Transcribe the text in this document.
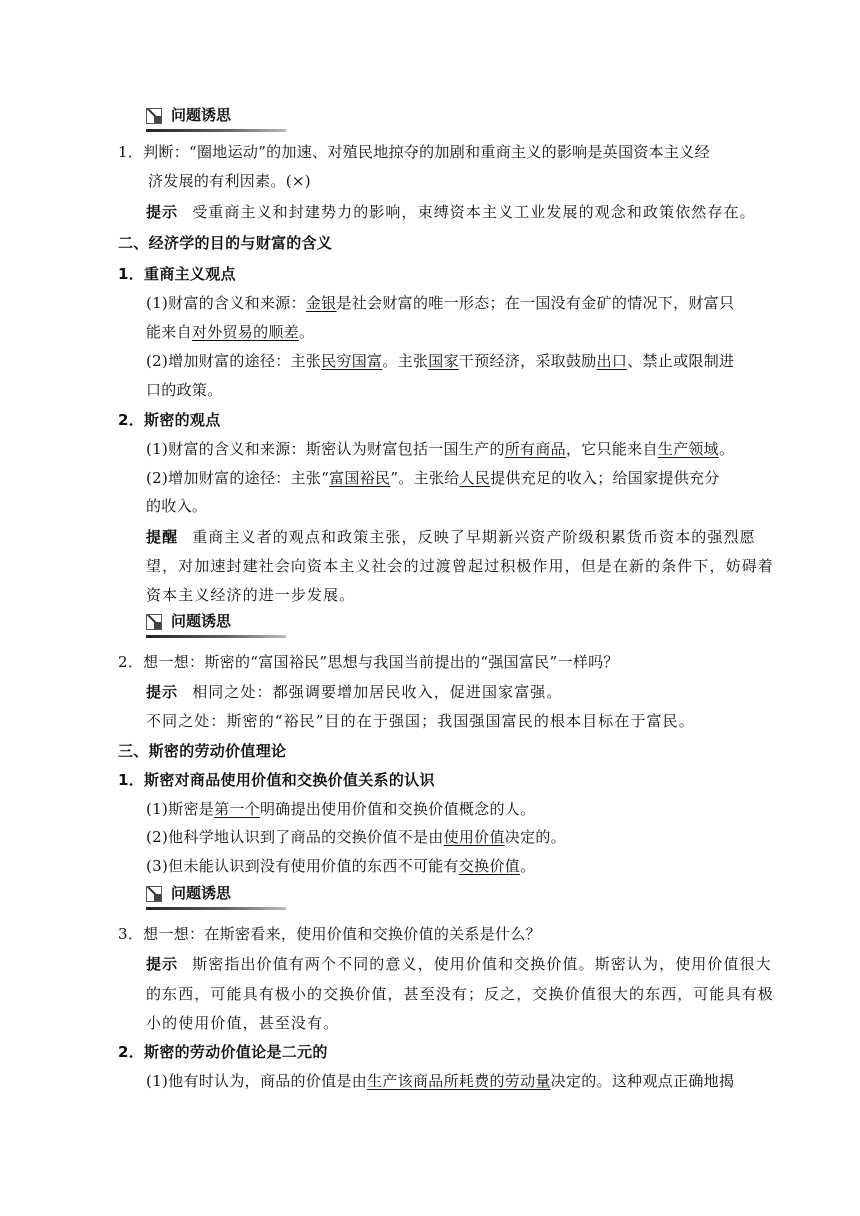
问题诱思
1．判断：“圈地运动”的加速、对殖民地掠夺的加剧和重商主义的影响是英国资本主义经
济发展的有利因素。(×)
提示 受重商主义和封建势力的影响，束缚资本主义工业发展的观念和政策依然存在。
二、经济学的目的与财富的含义
1．重商主义观点
(1)财富的含义和来源：金银是社会财富的唯一形态；在一国没有金矿的情况下，财富只
能来自对外贸易的顺差。
(2)增加财富的途径：主张民穷国富。主张国家干预经济，采取鼓励出口、禁止或限制进
口的政策。
2．斯密的观点
(1)财富的含义和来源：斯密认为财富包括一国生产的所有商品，它只能来自生产领域。
(2)增加财富的途径：主张“富国裕民”。主张给人民提供充足的收入；给国家提供充分
的收入。
提醒 重商主义者的观点和政策主张，反映了早期新兴资产阶级积累货币资本的强烈愿
望，对加速封建社会向资本主义社会的过渡曾起过积极作用，但是在新的条件下，妨碍着
资本主义经济的进一步发展。
问题诱思
2．想一想：斯密的“富国裕民”思想与我国当前提出的“强国富民”一样吗？
提示 相同之处：都强调要增加居民收入，促进国家富强。
不同之处：斯密的“裕民”目的在于强国；我国强国富民的根本目标在于富民。
三、斯密的劳动价值理论
1．斯密对商品使用价值和交换价值关系的认识
(1)斯密是第一个明确提出使用价值和交换价值概念的人。
(2)他科学地认识到了商品的交换价值不是由使用价值决定的。
(3)但未能认识到没有使用价值的东西不可能有交换价值。
问题诱思
3．想一想：在斯密看来，使用价值和交换价值的关系是什么？
提示 斯密指出价值有两个不同的意义，使用价值和交换价值。斯密认为，使用价值很大
的东西，可能具有极小的交换价值，甚至没有；反之，交换价值很大的东西，可能具有极
小的使用价值，甚至没有。
2．斯密的劳动价值论是二元的
(1)他有时认为，商品的价值是由生产该商品所耗费的劳动量决定的。这种观点正确地揭
